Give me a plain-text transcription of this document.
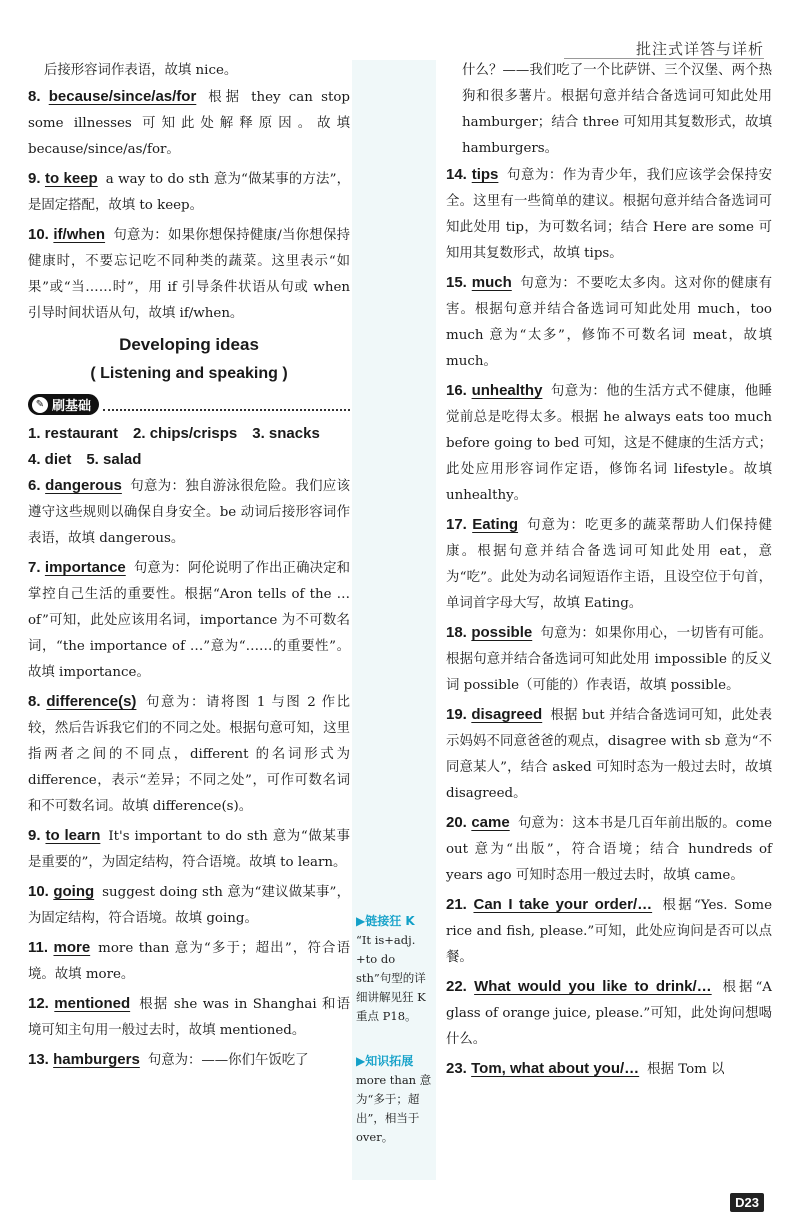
批注式详答与详析
▶链接狂 K
“It is+adj. +to do sth”句型的详细讲解见狂 K 重点 P18。
▶知识拓展
more than 意为“多于；超出”，相当于 over。

后接形容词作表语，故填 nice。

8. because/since/as/for 根据 they can stop some illnesses 可知此处解释原因。故填 because/since/as/for。
9. to keep a way to do sth 意为“做某事的方法”，是固定搭配，故填 to keep。
10. if/when 句意为：如果你想保持健康/当你想保持健康时，不要忘记吃不同种类的蔬菜。这里表示“如果”或“当……时”，用 if 引导条件状语从句或 when 引导时间状语从句，故填 if/when。

Developing ideas

( Listening and speaking )

✎ 刷基础

1. restaurant　2. chips/crisps　3. snacks

4. diet　5. salad

6. dangerous 句意为：独自游泳很危险。我们应该遵守这些规则以确保自身安全。be 动词后接形容词作表语，故填 dangerous。
7. importance 句意为：阿伦说明了作出正确决定和掌控自己生活的重要性。根据“Aron tells of the … of”可知，此处应该用名词，importance 为不可数名词，“the importance of …”意为“……的重要性”。故填 importance。
8. difference(s) 句意为：请将图 1 与图 2 作比较，然后告诉我它们的不同之处。根据句意可知，这里指两者之间的不同点，different 的名词形式为 difference，表示“差异；不同之处”，可作可数名词和不可数名词。故填 difference(s)。
9. to learn It's important to do sth 意为“做某事是重要的”，为固定结构，符合语境。故填 to learn。
10. going suggest doing sth 意为“建议做某事”，为固定结构，符合语境。故填 going。
11. more more than 意为“多于；超出”，符合语境。故填 more。
12. mentioned 根据 she was in Shanghai 和语境可知主句用一般过去时，故填 mentioned。
13. hamburgers 句意为：——你们午饭吃了

什么？——我们吃了一个比萨饼、三个汉堡、两个热狗和很多薯片。根据句意并结合备选词可知此处用 hamburger；结合 three 可知用其复数形式，故填 hamburgers。

14. tips 句意为：作为青少年，我们应该学会保持安全。这里有一些简单的建议。根据句意并结合备选词可知此处用 tip，为可数名词；结合 Here are some 可知用其复数形式，故填 tips。
15. much 句意为：不要吃太多肉。这对你的健康有害。根据句意并结合备选词可知此处用 much，too much 意为“太多”，修饰不可数名词 meat，故填 much。
16. unhealthy 句意为：他的生活方式不健康，他睡觉前总是吃得太多。根据 he always eats too much before going to bed 可知，这是不健康的生活方式；此处应用形容词作定语，修饰名词 lifestyle。故填 unhealthy。
17. Eating 句意为：吃更多的蔬菜帮助人们保持健康。根据句意并结合备选词可知此处用 eat，意为“吃”。此处为动名词短语作主语，且设空位于句首，单词首字母大写，故填 Eating。
18. possible 句意为：如果你用心，一切皆有可能。根据句意并结合备选词可知此处用 impossible 的反义词 possible（可能的）作表语，故填 possible。
19. disagreed 根据 but 并结合备选词可知，此处表示妈妈不同意爸爸的观点，disagree with sb 意为“不同意某人”，结合 asked 可知时态为一般过去时，故填 disagreed。
20. came 句意为：这本书是几百年前出版的。come out 意为“出版”，符合语境；结合 hundreds of years ago 可知时态用一般过去时，故填 came。
21. Can I take your order/… 根据“Yes. Some rice and fish, please.”可知，此处应询问是否可以点餐。
22. What would you like to drink/… 根据“A glass of orange juice, please.”可知，此处询问想喝什么。
23. Tom, what about you/… 根据 Tom 以
D23
